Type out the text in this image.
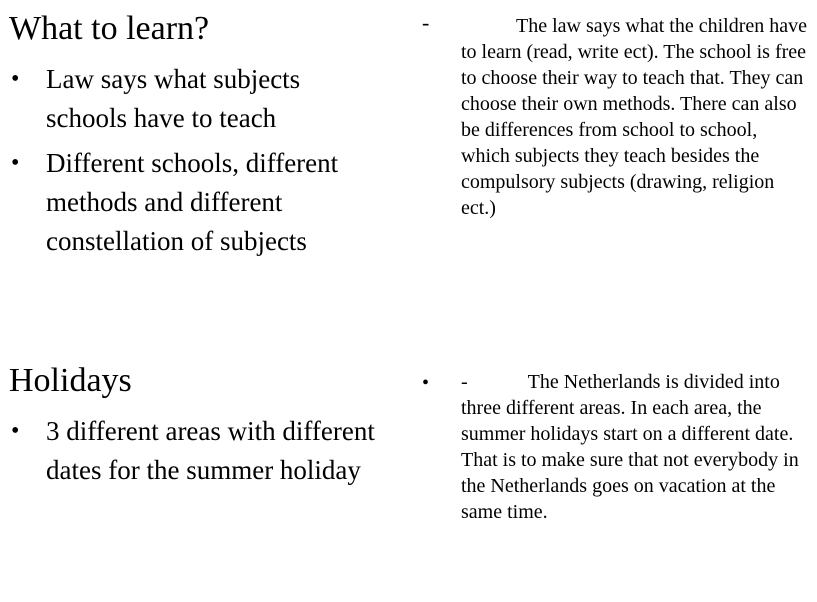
What to learn?
• Law says what subjects schools have to teach
• Different schools, different methods and different constellation of subjects
-	The law says what the children have to learn (read, write ect). The school is free to choose their way to teach that. They can choose their own methods. There can also be differences from school to school, which subjects they teach besides the compulsory subjects (drawing, religion ect.)

Holidays
• 3 different areas with different dates for the summer holiday
• -	The Netherlands is divided into three different areas. In each area, the summer holidays start on a different date. That is to make sure that not everybody in the Netherlands goes on vacation at the same time.
